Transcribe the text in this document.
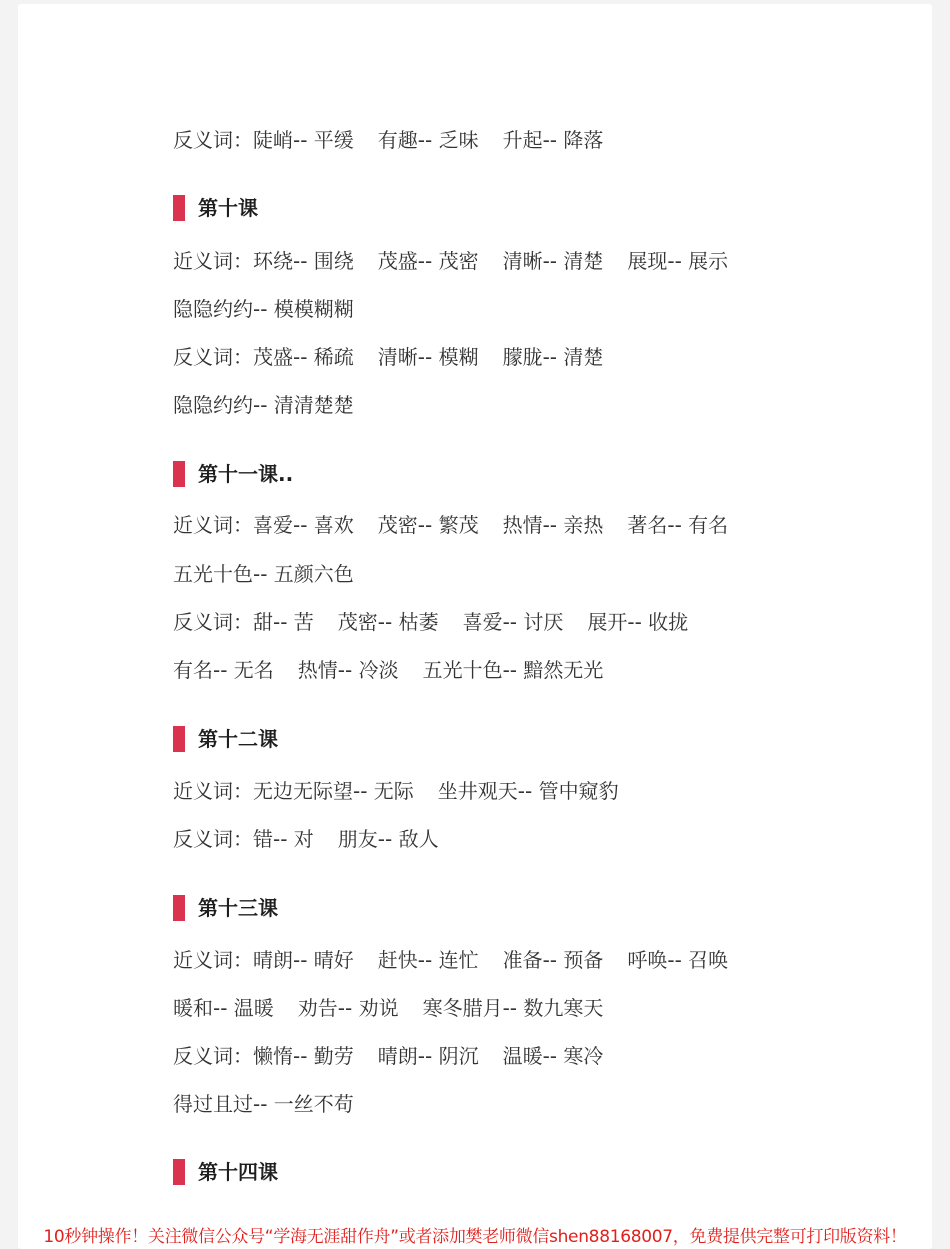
反义词：陡峭-- 平缓 有趣-- 乏味 升起-- 降落
第十课
近义词：环绕-- 围绕 茂盛-- 茂密 清晰-- 清楚 展现-- 展示
隐隐约约-- 模模糊糊
反义词：茂盛-- 稀疏 清晰-- 模糊 朦胧-- 清楚
隐隐约约-- 清清楚楚
第十一课..
近义词：喜爱-- 喜欢 茂密-- 繁茂 热情-- 亲热 著名-- 有名
五光十色-- 五颜六色
反义词：甜-- 苦 茂密-- 枯萎 喜爱-- 讨厌 展开-- 收拢
有名-- 无名 热情-- 冷淡 五光十色-- 黯然无光
第十二课
近义词：无边无际望-- 无际 坐井观天-- 管中窥豹
反义词：错-- 对 朋友-- 敌人
第十三课
近义词：晴朗-- 晴好 赶快-- 连忙 准备-- 预备 呼唤-- 召唤
暖和-- 温暖 劝告-- 劝说 寒冬腊月-- 数九寒天
反义词：懒惰-- 勤劳 晴朗-- 阴沉 温暖-- 寒冷
得过且过-- 一丝不苟
第十四课
10秒钟操作！关注微信公众号“学海无涯甜作舟”或者添加樊老师微信shen88168007，免费提供完整可打印版资料！
